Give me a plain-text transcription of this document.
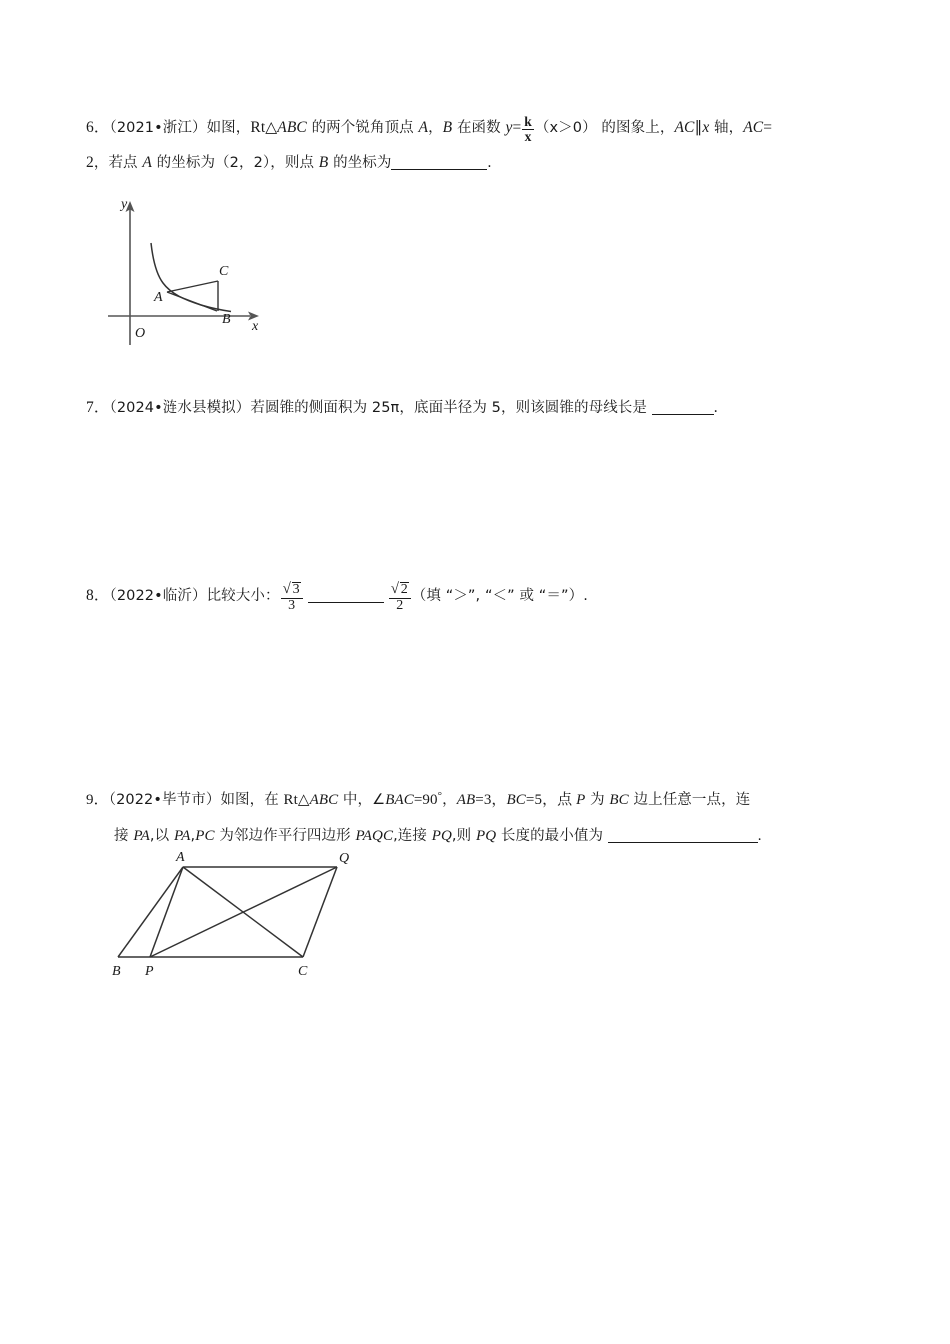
6．（2021•浙江）如图，Rt△ABC 的两个锐角顶点 A，B 在函数 $y= \frac{k}{x} (x>0)$ 的图象上，AC∥x 轴，AC=
2，若点 A 的坐标为（2，2），则点 B 的坐标为	.
O	x
y
A
C
B
7．（2024•涟水县模拟）若圆锥的侧面积为 25π，底面半径为 5，则该圆锥的母线长是	.
8．（2022•临沂）比较大小： $\frac{√ 3}{3}$	$\frac{√ 2}{2}$ （填 “＞”, “＜” 或 “＝”）.
9．（2022•毕节市）如图，在 Rt△ABC 中，∠BAC=90°，AB=3，BC=5，点 P 为 BC 边上任意一点，连
接 PA,以 PA,PC 为邻边作平行四边形 PAQC,连接 PQ,则 PQ 长度的最小值为	.
B P	C
A	Q
